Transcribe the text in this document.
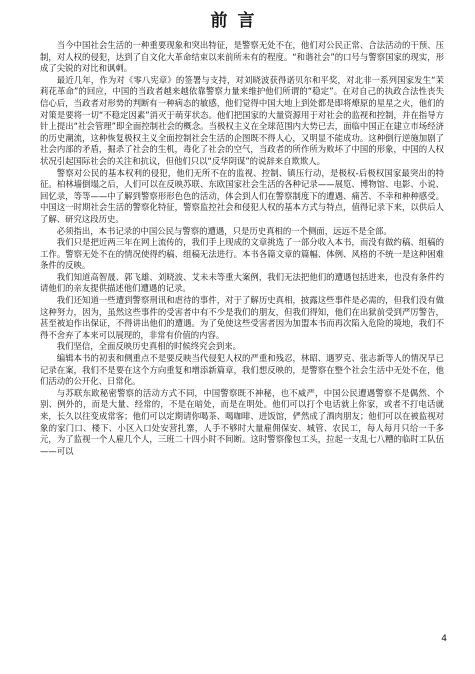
前言

当今中国社会生活的一种重要现象和突出特征，是警察无处不在，他们对公民正常、合法活动的干预、压制，对人权的侵犯，达到了自文化大革命结束以来前所未有的程度。“和谐社会”的口号与警察国家的现实，形成了尖锐的对比和讽刺。

最近几年，作为对《零八宪章》的签署与支持，对刘晓波获得诺贝尔和平奖，对北非一系列国家发生“茉莉花革命”的回应，中国的当政者越来越依靠警察力量来维护他们所谓的“稳定”。在对自己的执政合法性丧失信心后，当政者对形势的判断有一种病态的敏感，他们觉得中国大地上到处都是即将燎原的星星之火，他们的对策是要将一切“不稳定因素”消灭于萌芽状态。他们把国家的大量资源用于对社会的监视和控制，并在指导方针上提出“社会管理”即全面控制社会的概念。当极权主义在全球范围内大势已去，面临中国正在建立市场经济的历史潮流，这种恢复极权主义全面控制社会生活的企图既不得人心，又明显不能成功。这种倒行逆施加剧了社会内部的矛盾，掘杀了社会的生机，毒化了社会的空气，当政者的所作所为败坏了中国的形象，中国的人权状况引起国际社会的关注和抗议，但他们只以“反华阴谋”的说辞来自欺欺人。

警察对公民的基本权利的侵犯，他们无所不在的监视、控制、镇压行动，是极权-后极权国家最突出的特征。柏林墙倒塌之后，人们可以在反映苏联、东欧国家社会生活的各种记录——展览、博物馆、电影、小说、回忆录，等等——中了解到警察形形色色的活动，体会到人们在警察制度下的遭遇、痛苦、不幸和种种感受。中国这一时期社会生活的警察化特征，警察监控社会和侵犯人权的基本方式与特点，值得记录下来，以供后人了解、研究这段历史。

必须指出，本书记录的中国公民与警察的遭遇，只是历史真相的一个侧面，远远不是全部。

我们只是把近两三年在网上流传的，我们手上现成的文章挑选了一部分收入本书，而没有做约稿、组稿的工作。警察无处不在的情况使得约稿、组稿无法进行。本书各篇文章的篇幅、体例、风格的不统一是这种困难条件的反映。

我们知道高智晟、郭飞雄、刘晓波、艾未未等重大案例，我们无法把他们的遭遇包括进来，也没有条件约请他们的亲友提供描述他们遭遇的记录。

我们还知道一些遭到警察刑讯和虐待的事件，对于了解历史真相，披露这些事件是必需的，但我们没有做这种努力，因为，虽然这些事件的受害者中有不少是我们的朋友，但我们得知，他们在出狱前受到严厉警告，甚至被迫作出保证，不得讲出他们的遭遇。为了免使这些受害者因为加盟本书而再次陷入危险的境地，我们不得不舍弃了本来可以展现的，非常有价值的内容。

我们坚信，全面反映历史真相的时候终究会到来。

编辑本书的初衷和侧重点不是要反映当代侵犯人权的严重和残忍，林昭、遇罗克、张志新等人的情况早已记录在案，我们不是要在这个方向重复和增添新篇章，我们想反映的，是警察在整个社会生活中无处不在，他们活动的公开化、日常化。

与苏联东欧秘密警察的活动方式不同，中国警察既不神秘，也不威严，中国公民遭遇警察不是偶然、个别、例外的，而是大量、经常的，不是在暗处，而是在明处。他们可以打个电话就上你家，或者不打电话就来，长久以往变成常客；他们可以定期请你喝茶、喝咖啡、进饭馆，俨然成了酒肉朋友；他们可以在被监视对象的家门口、楼下、小区入口处安营扎寨，人手不够时大量雇佣保安、城管、农民工，每人每月只给一千多元，为了监视一个人雇几个人，三班二十四小时不间断。这时警察像包工头，拉起一支乱七八糟的临时工队伍——可以

4
